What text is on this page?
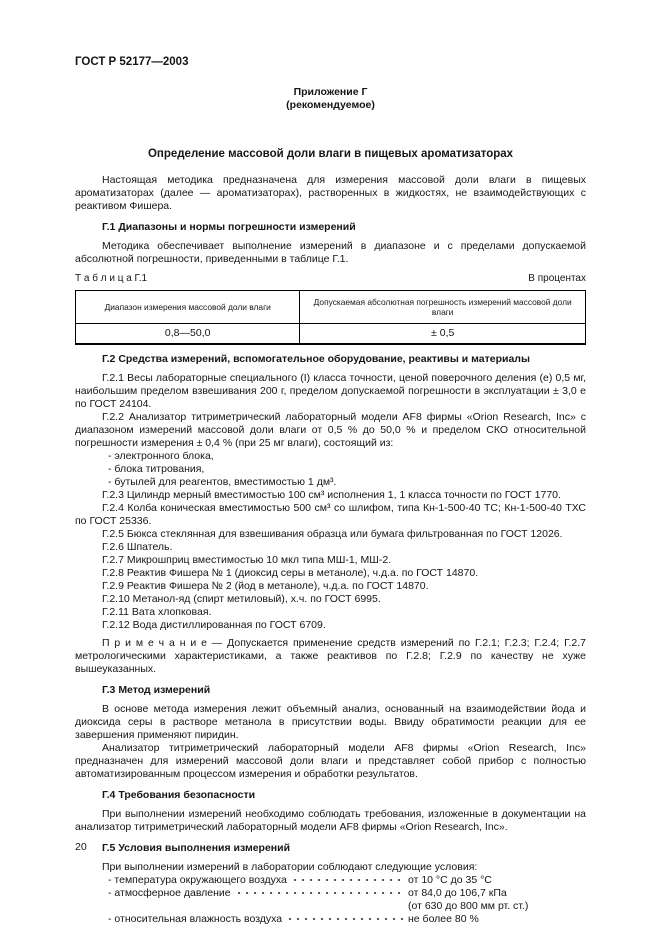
ГОСТ Р 52177—2003
Приложение Г
(рекомендуемое)
Определение массовой доли влаги в пищевых ароматизаторах

Настоящая методика предназначена для измерения массовой доли влаги в пищевых ароматизаторах (далее — ароматизаторах), растворенных в жидкостях, не взаимодействующих с реактивом Фишера.

Г.1 Диапазоны и нормы погрешности измерений

Методика обеспечивает выполнение измерений в диапазоне и с пределами допускаемой абсолютной погрешности, приведенными в таблице Г.1.

Т а б л и ц а Г.1	В процентах
Диапазон измерения массовой доли влаги	Допускаемая абсолютная погрешность измерений массовой доли влаги
0,8—50,0	± 0,5
Г.2 Средства измерений, вспомогательное оборудование, реактивы и материалы

Г.2.1 Весы лабораторные специального (I) класса точности, ценой поверочного деления (е) 0,5 мг, наибольшим пределом взвешивания 200 г, пределом допускаемой погрешности в эксплуатации ± 3,0 е по ГОСТ 24104.

Г.2.2 Анализатор титриметрический лабораторный модели AF8 фирмы «Orion Research, Inc» с диапазоном измерений массовой доли влаги от 0,5 % до 50,0 % и пределом СКО относительной погрешности измерения ± 0,4 % (при 25 мг влаги), состоящий из:

- электронного блока,
- блока титрования,
- бутылей для реагентов, вместимостью 1 дм³.

Г.2.3 Цилиндр мерный вместимостью 100 см³ исполнения 1, 1 класса точности по ГОСТ 1770.

Г.2.4 Колба коническая вместимостью 500 см³ со шлифом, типа Кн-1-500-40 ТС; Кн-1-500-40 ТХС по ГОСТ 25336.

Г.2.5 Бюкса стеклянная для взвешивания образца или бумага фильтрованная по ГОСТ 12026.

Г.2.6 Шпатель.

Г.2.7 Микрошприц вместимостью 10 мкл типа МШ-1, МШ-2.

Г.2.8 Реактив Фишера № 1 (диоксид серы в метаноле), ч.д.а. по ГОСТ 14870.

Г.2.9 Реактив Фишера № 2 (йод в метаноле), ч.д.а. по ГОСТ 14870.

Г.2.10 Метанол-яд (спирт метиловый), х.ч. по ГОСТ 6995.

Г.2.11 Вата хлопковая.

Г.2.12 Вода дистиллированная по ГОСТ 6709.

П р и м е ч а н и е — Допускается применение средств измерений по Г.2.1; Г.2.3; Г.2.4; Г.2.7 метрологическими характеристиками, а также реактивов по Г.2.8; Г.2.9 по качеству не хуже вышеуказанных.

Г.3 Метод измерений

В основе метода измерения лежит объемный анализ, основанный на взаимодействии йода и диоксида серы в растворе метанола в присутствии воды. Ввиду обратимости реакции для ее завершения применяют пиридин.

Анализатор титриметрический лабораторный модели AF8 фирмы «Orion Research, Inc» предназначен для измерений массовой доли влаги и представляет собой прибор с полностью автоматизированным процессом измерения и обработки результатов.

Г.4 Требования безопасности

При выполнении измерений необходимо соблюдать требования, изложенные в документации на анализатор титриметрический лабораторный модели AF8 фирмы «Orion Research, Inc».

Г.5 Условия выполнения измерений

При выполнении измерений в лаборатории соблюдают следующие условия:

- температура окружающего воздуха	от 10 °С до 35 °С
- атмосферное давление	от 84,0 до 106,7 кПа
(от 630 до 800 мм рт. ст.)
- относительная влажность воздуха	не более 80 %
20
